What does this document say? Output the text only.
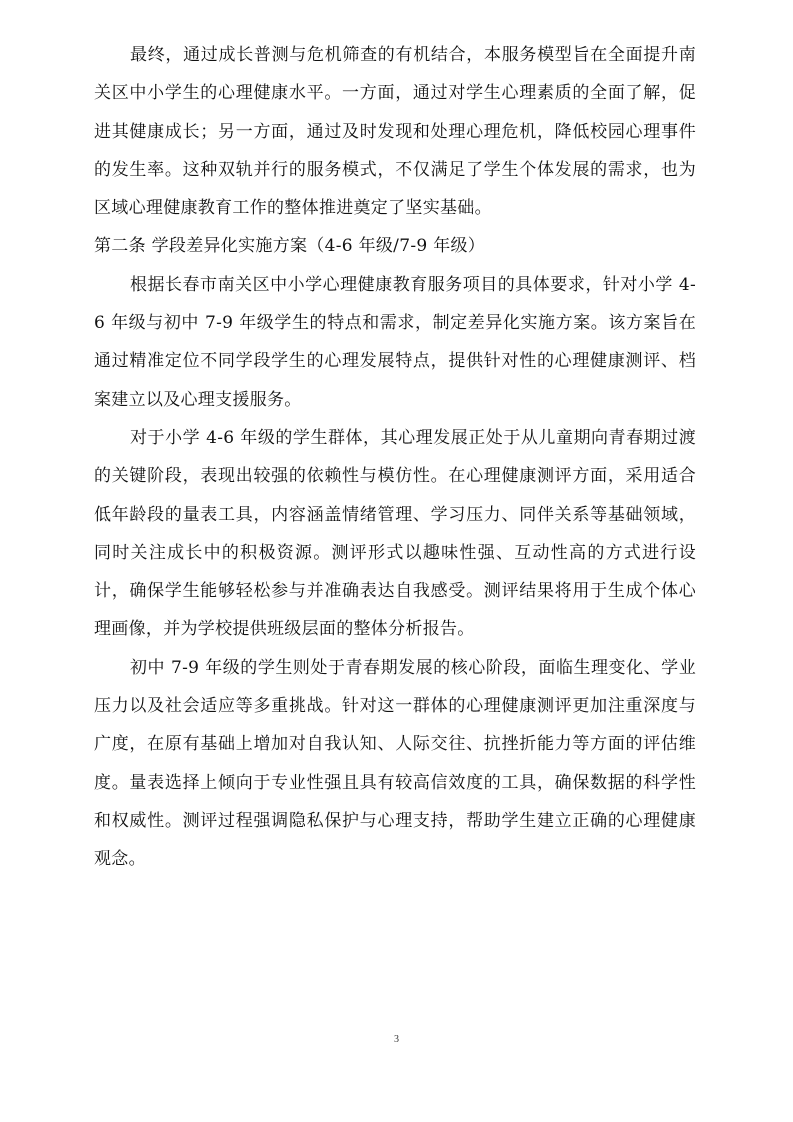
最终，通过成长普测与危机筛查的有机结合，本服务模型旨在全面提升南关区中小学生的心理健康水平。一方面，通过对学生心理素质的全面了解，促进其健康成长；另一方面，通过及时发现和处理心理危机，降低校园心理事件的发生率。这种双轨并行的服务模式，不仅满足了学生个体发展的需求，也为区域心理健康教育工作的整体推进奠定了坚实基础。

第二条 学段差异化实施方案（4-6 年级/7-9 年级）

根据长春市南关区中小学心理健康教育服务项目的具体要求，针对小学 4-6 年级与初中 7-9 年级学生的特点和需求，制定差异化实施方案。该方案旨在通过精准定位不同学段学生的心理发展特点，提供针对性的心理健康测评、档案建立以及心理支援服务。

对于小学 4-6 年级的学生群体，其心理发展正处于从儿童期向青春期过渡的关键阶段，表现出较强的依赖性与模仿性。在心理健康测评方面，采用适合低年龄段的量表工具，内容涵盖情绪管理、学习压力、同伴关系等基础领域，同时关注成长中的积极资源。测评形式以趣味性强、互动性高的方式进行设计，确保学生能够轻松参与并准确表达自我感受。测评结果将用于生成个体心理画像，并为学校提供班级层面的整体分析报告。

初中 7-9 年级的学生则处于青春期发展的核心阶段，面临生理变化、学业压力以及社会适应等多重挑战。针对这一群体的心理健康测评更加注重深度与广度，在原有基础上增加对自我认知、人际交往、抗挫折能力等方面的评估维度。量表选择上倾向于专业性强且具有较高信效度的工具，确保数据的科学性和权威性。测评过程强调隐私保护与心理支持，帮助学生建立正确的心理健康观念。

3
